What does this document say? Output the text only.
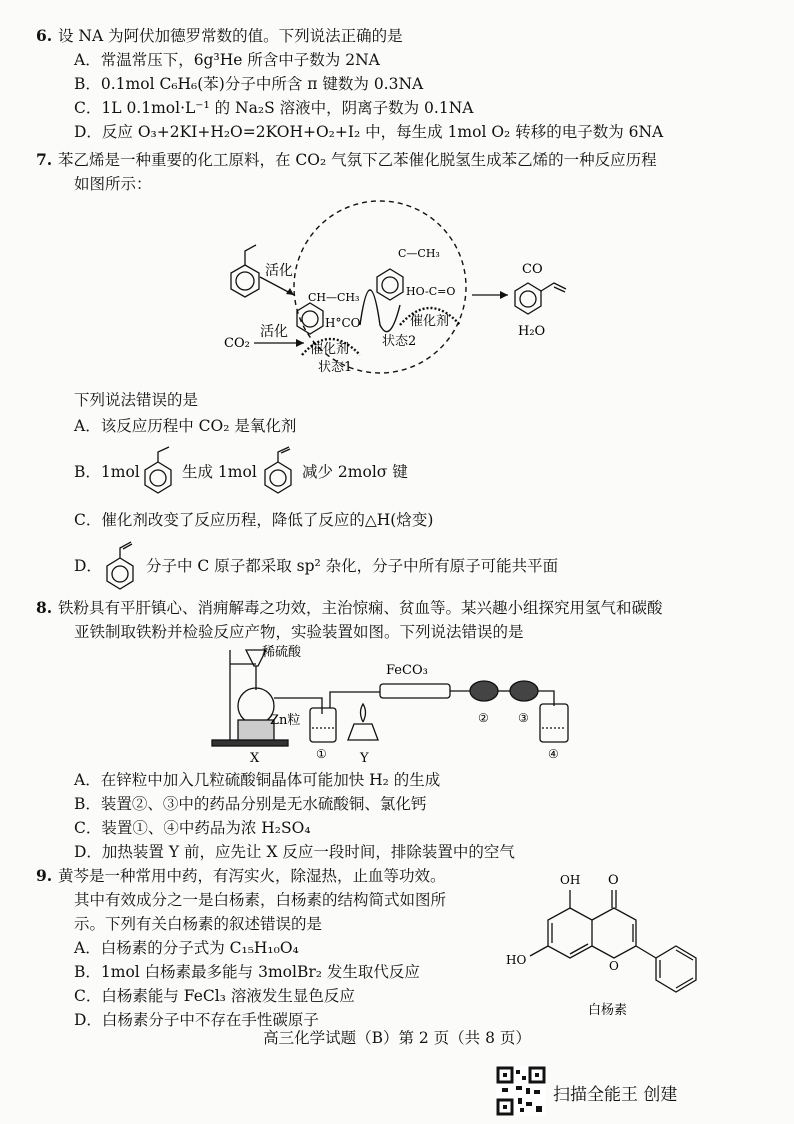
6. 设 NA 为阿伏加德罗常数的值。下列说法正确的是
A．常温常压下，6g³He 所含中子数为 2NA
B．0.1mol C₆H₆(苯)分子中所含 π 键数为 0.3NA
C．1L 0.1mol·L⁻¹ 的 Na₂S 溶液中，阴离子数为 0.1NA
D．反应 O₃+2KI+H₂O=2KOH+O₂+I₂ 中，每生成 1mol O₂ 转移的电子数为 6NA
7. 苯乙烯是一种重要的化工原料，在 CO₂ 气氛下乙苯催化脱氢生成苯乙烯的一种反应历程
如图所示：
活化
CO₂
活化
CH—CH₃
H°CO
催化剂
状态1
C—CH₃
HO-C=O
催化剂
状态2
CO
H₂O
下列说法错误的是
A．该反应历程中 CO₂ 是氧化剂
B．1mol	生成 1mol	减少 2molσ 键
C．催化剂改变了反应历程，降低了反应的△H(焓变)
D．	分子中 C 原子都采取 sp² 杂化，分子中所有原子可能共平面
8. 铁粉具有平肝镇心、消痈解毒之功效，主治惊痫、贫血等。某兴趣小组探究用氢气和碳酸
亚铁制取铁粉并检验反应产物，实验装置如图。下列说法错误的是
稀硫酸
FeCO₃
Zn粒
X	Y
①
② ③
④
A．在锌粒中加入几粒硫酸铜晶体可能加快 H₂ 的生成
B．装置②、③中的药品分别是无水硫酸铜、氯化钙
C．装置①、④中药品为浓 H₂SO₄
D．加热装置 Y 前，应先让 X 反应一段时间，排除装置中的空气
9. 黄芩是一种常用中药，有泻实火，除湿热，止血等功效。
其中有效成分之一是白杨素，白杨素的结构简式如图所
示。下列有关白杨素的叙述错误的是
A．白杨素的分子式为 C₁₅H₁₀O₄
B．1mol 白杨素最多能与 3molBr₂ 发生取代反应
C．白杨素能与 FeCl₃ 溶液发生显色反应
D．白杨素分子中不存在手性碳原子
OH O
HO	O
白杨素
高三化学试题（B）第 2 页（共 8 页）
扫描全能王 创建
